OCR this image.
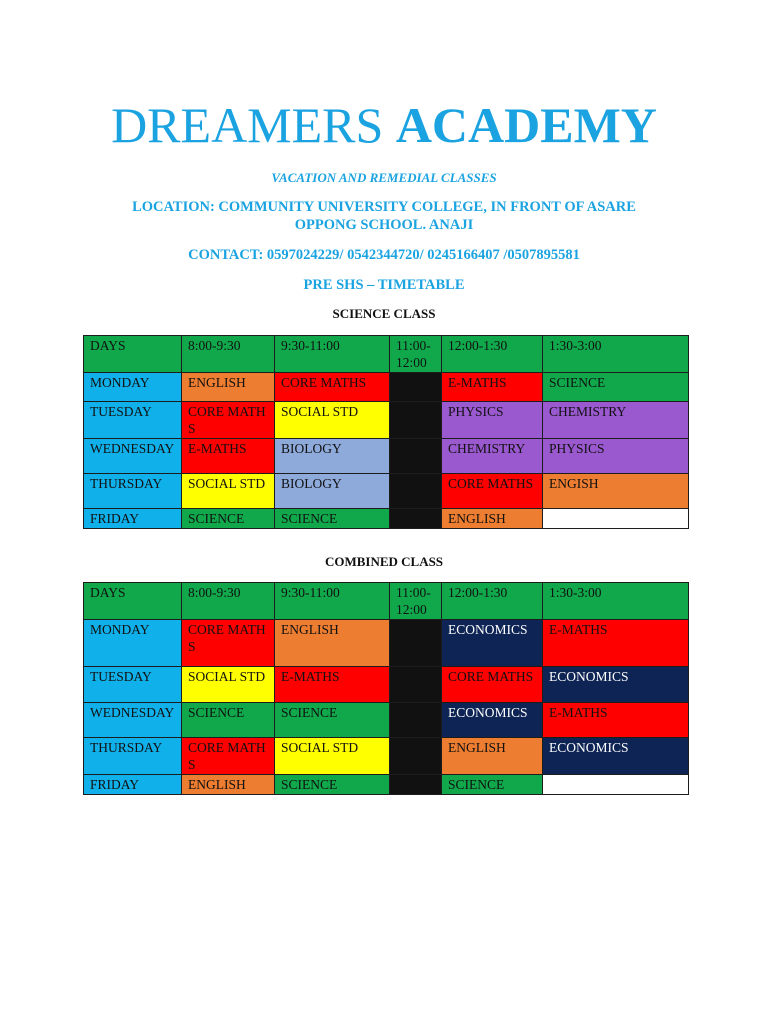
DREAMERS ACADEMY
VACATION AND REMEDIAL CLASSES
LOCATION: COMMUNITY UNIVERSITY COLLEGE, IN FRONT OF ASARE
OPPONG SCHOOL. ANAJI
CONTACT: 0597024229/ 0542344720/ 0245166407 /0507895581
PRE SHS – TIMETABLE
SCIENCE CLASS
DAYS	8:00-9:30	9:30-11:00	11:00-12:00	12:00-1:30	1:30-3:00
MONDAY	ENGLISH	CORE MATHS		E-MATHS	SCIENCE
TUESDAY	CORE MATHS	SOCIAL STD		PHYSICS	CHEMISTRY
WEDNESDAY	E-MATHS	BIOLOGY		CHEMISTRY	PHYSICS
THURSDAY	SOCIAL STD	BIOLOGY		CORE MATHS	ENGISH
FRIDAY	SCIENCE	SCIENCE		ENGLISH	
COMBINED CLASS
DAYS	8:00-9:30	9:30-11:00	11:00-12:00	12:00-1:30	1:30-3:00
MONDAY	CORE MATHS	ENGLISH		ECONOMICS	E-MATHS
TUESDAY	SOCIAL STD	E-MATHS		CORE MATHS	ECONOMICS
WEDNESDAY	SCIENCE	SCIENCE		ECONOMICS	E-MATHS
THURSDAY	CORE MATHS	SOCIAL STD		ENGLISH	ECONOMICS
FRIDAY	ENGLISH	SCIENCE		SCIENCE	
